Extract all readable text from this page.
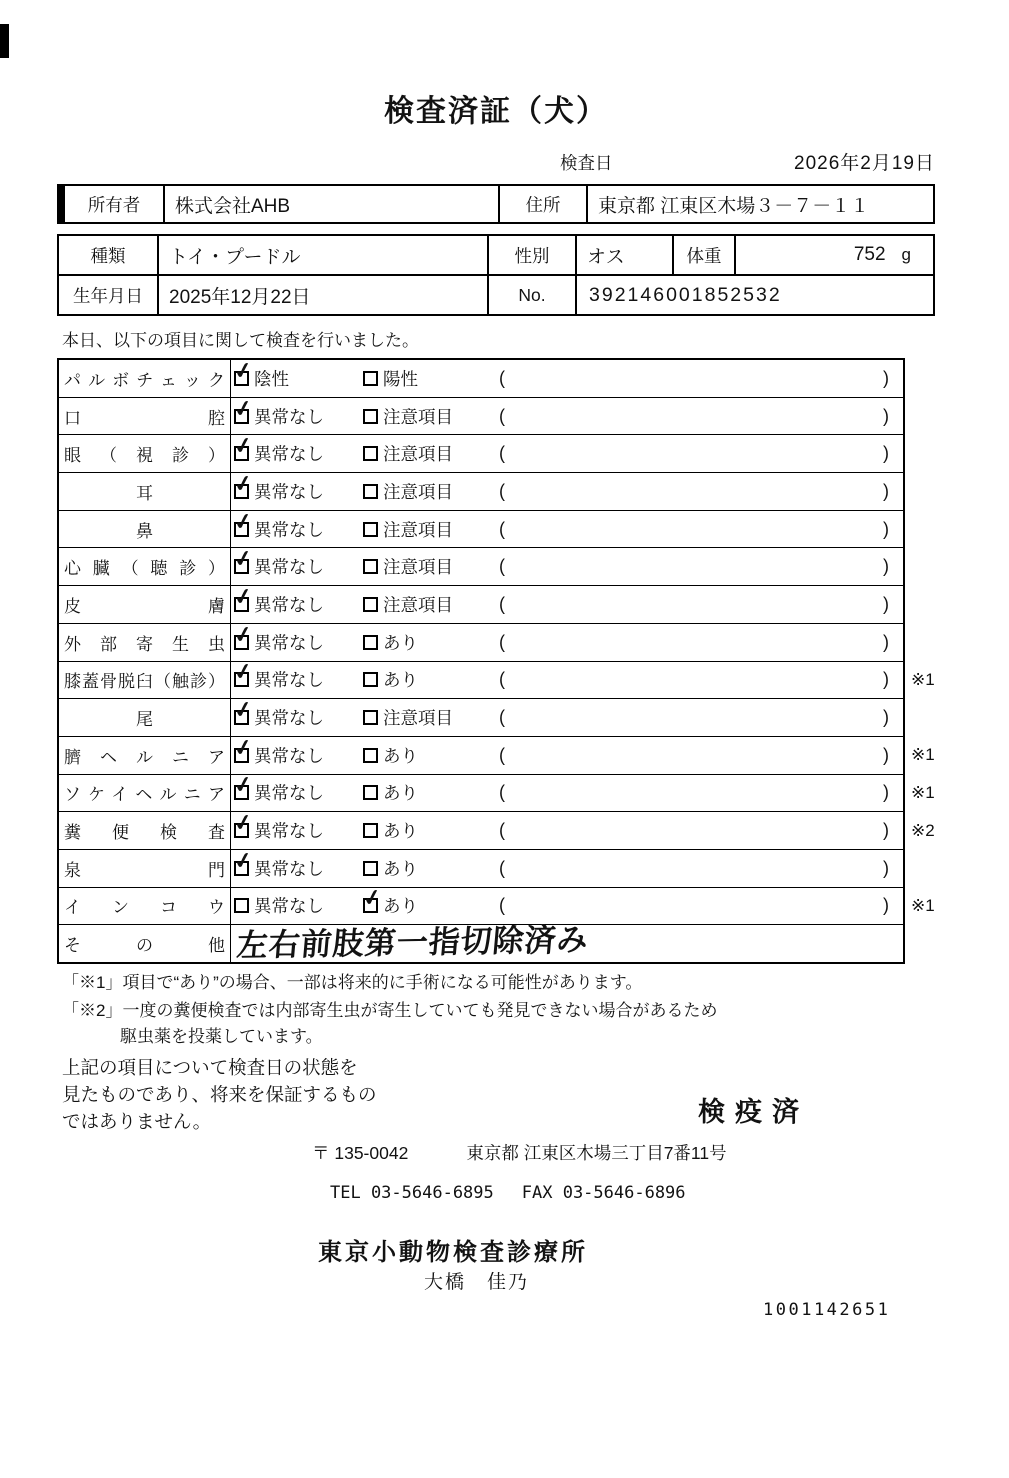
検査済証（犬）
検査日	2026年2月19日
所有者	株式会社AHB	住所	東京都 江東区木場３－７－１１
種類	トイ・プードル	性別	オス	体重	752 g
生年月日	2025年12月22日	No.	392146001852532
本日、以下の項目に関して検査を行いました。
パルボチェック ✓ 陰性	陽性	(	)
口腔 ✓ 異常なし	注意項目	(	)
眼（視診） ✓ 異常なし	注意項目	(	)
耳	✓ 異常なし	注意項目	(	)
鼻	✓ 異常なし	注意項目	(	)
心臓（聴診） ✓ 異常なし	注意項目	(	)
皮膚 ✓ 異常なし	注意項目	(	)
外部寄生虫 ✓ 異常なし	あり	(	)
膝蓋骨脱臼（触診） ✓ 異常なし	あり	(	) ※1
尾	✓ 異常なし	注意項目	(	)
臍ヘルニア ✓ 異常なし	あり	(	) ※1
ソケイヘルニア ✓ 異常なし	あり	(	) ※1
糞便検査 ✓ 異常なし	あり	(	) ※2
泉門 ✓ 異常なし	あり	(	)
インコウ 異常なし ✓ あり	(	) ※1
その他 左右前肢第一指切除済み
「※1」項目で“あり”の場合、一部は将来的に手術になる可能性があります。
「※2」一度の糞便検査では内部寄生虫が寄生していても発見できない場合があるため
駆虫薬を投薬しています。
上記の項目について検査日の状態を
見たものであり、将来を保証するもの
ではありません。	検疫済
〒 135-0042	東京都 江東区木場三丁目7番11号
TEL 03-5646-6895 FAX 03-5646-6896
東京小動物検査診療所
大橋　佳乃
1001142651
